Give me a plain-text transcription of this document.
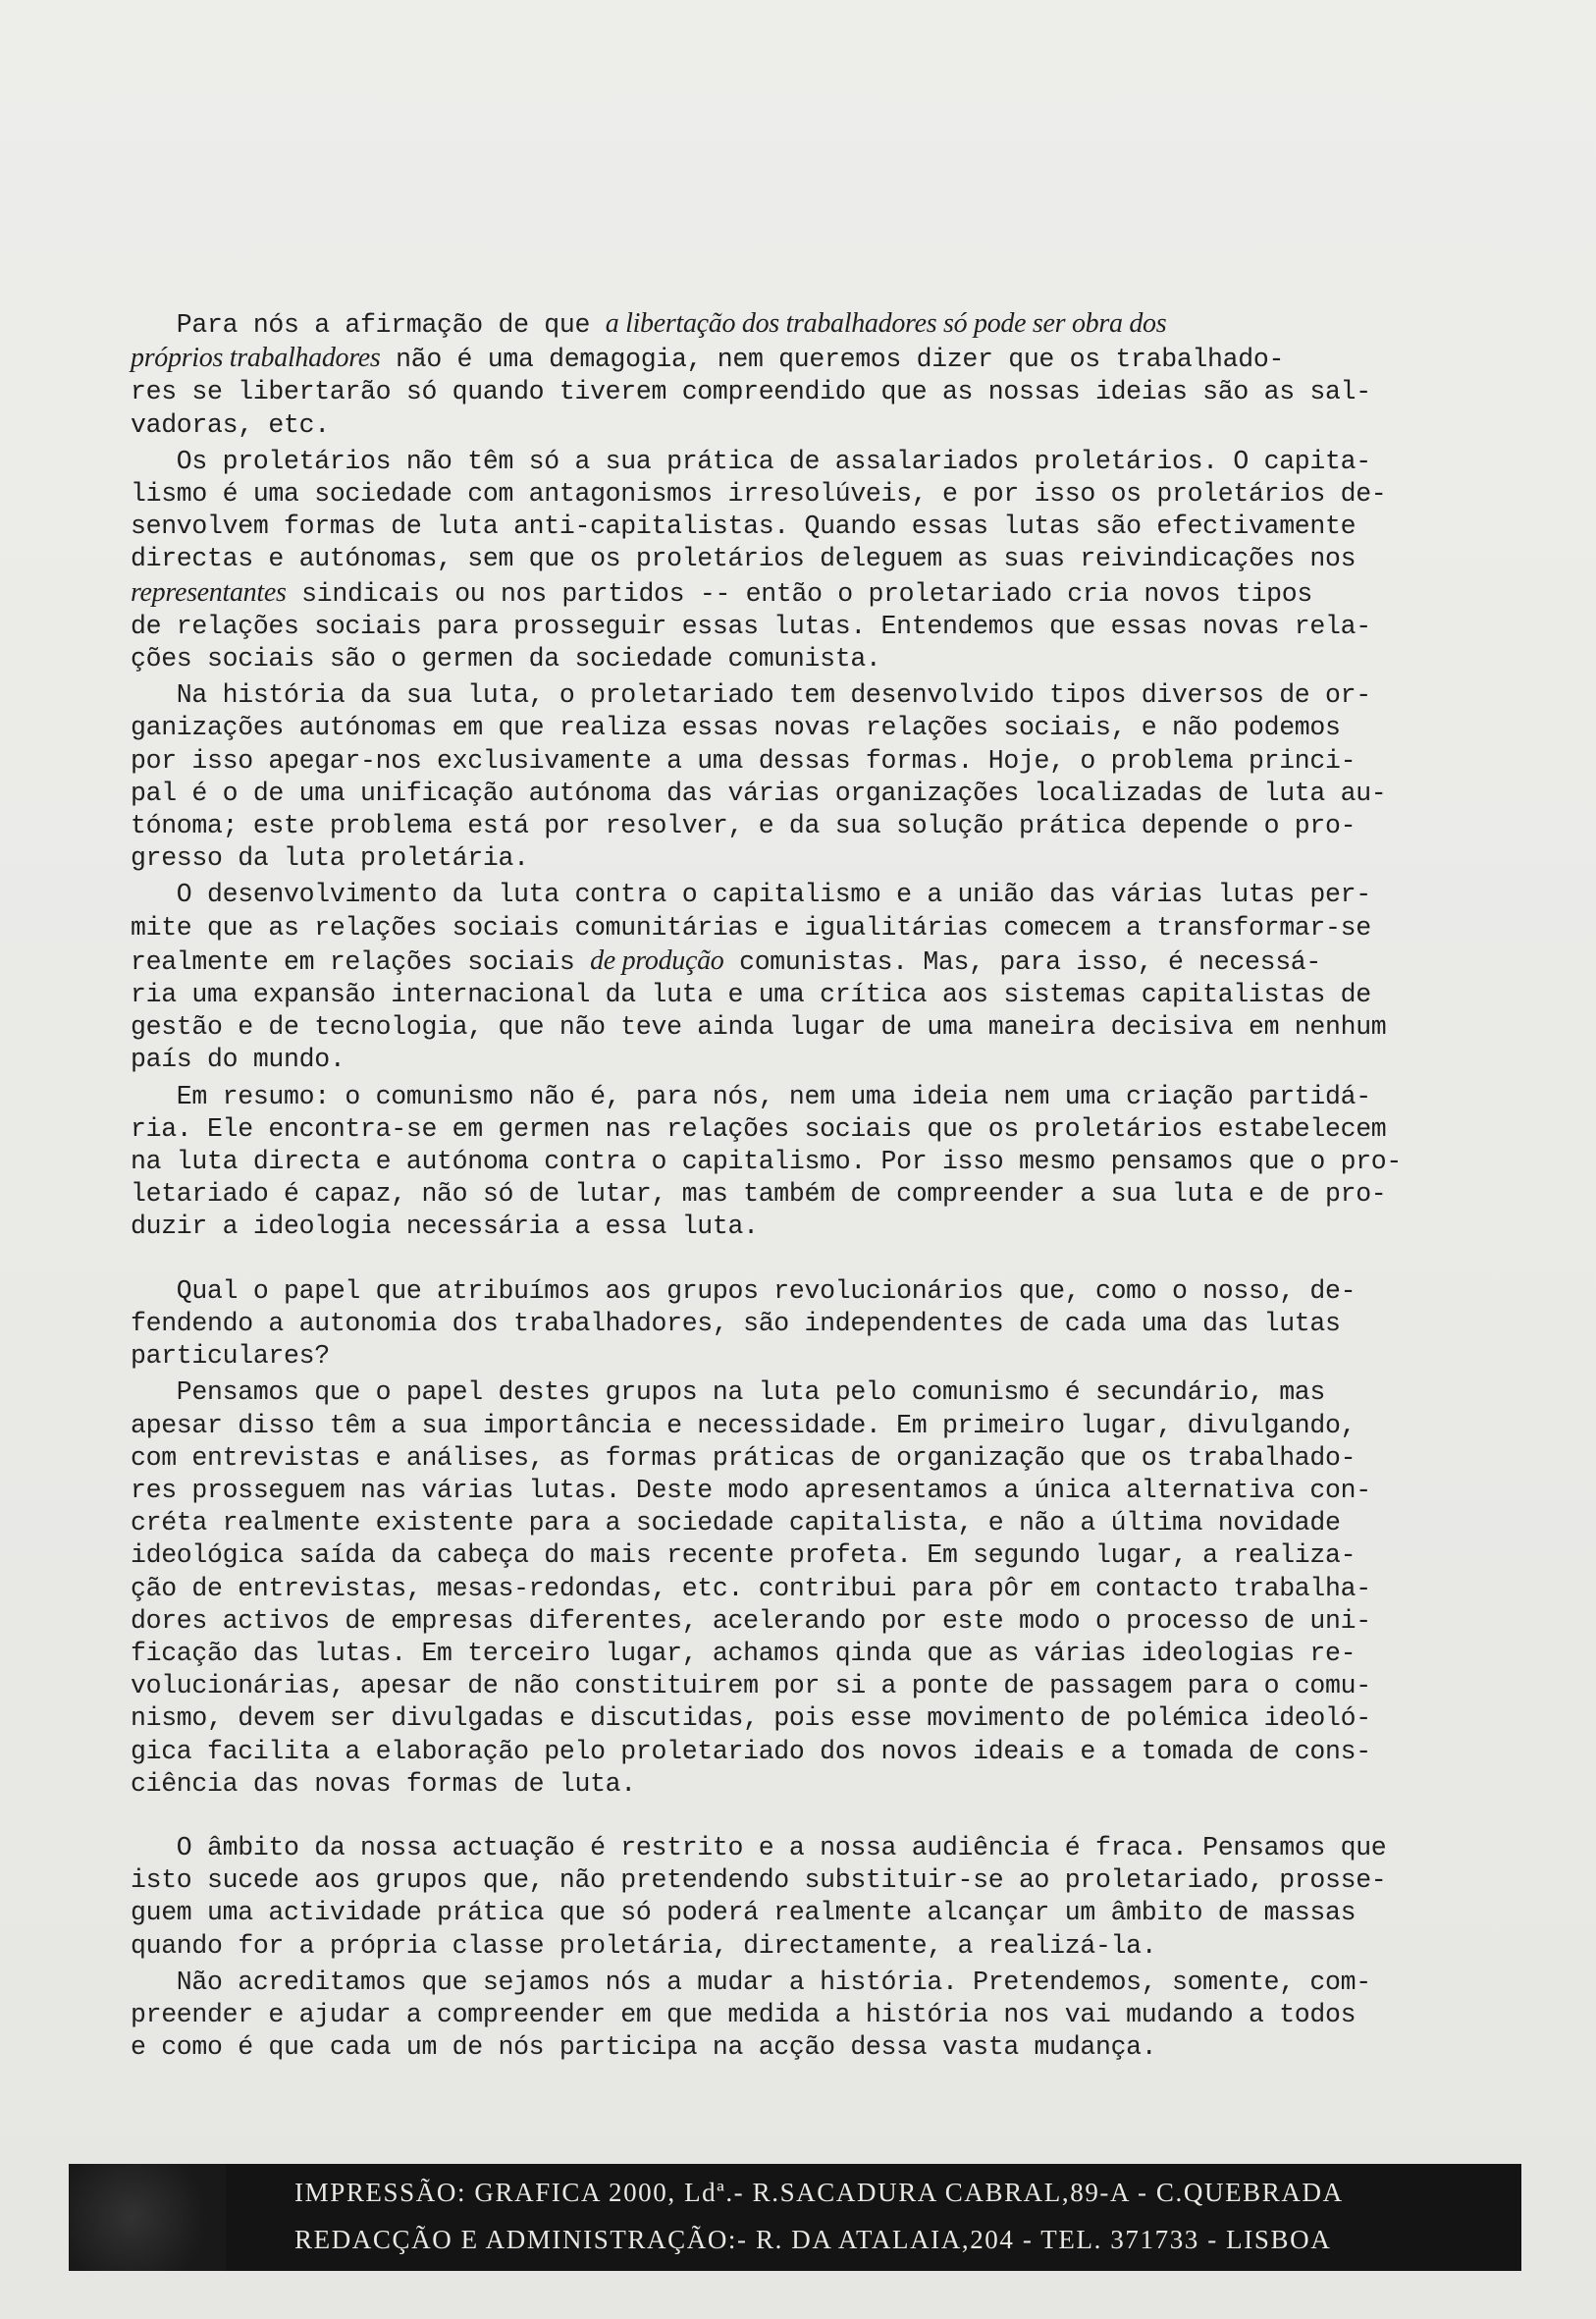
Para nós a afirmação de que a libertação dos trabalhadores só pode ser obra dos
próprios trabalhadores não é uma demagogia, nem queremos dizer que os trabalhado-
res se libertarão só quando tiverem compreendido que as nossas ideias são as sal-
vadoras, etc.

Os proletários não têm só a sua prática de assalariados proletários. O capita-
lismo é uma sociedade com antagonismos irresolúveis, e por isso os proletários de-
senvolvem formas de luta anti-capitalistas. Quando essas lutas são efectivamente
directas e autónomas, sem que os proletários deleguem as suas reivindicações nos
representantes sindicais ou nos partidos -- então o proletariado cria novos tipos
de relações sociais para prosseguir essas lutas. Entendemos que essas novas rela-
ções sociais são o germen da sociedade comunista.

Na história da sua luta, o proletariado tem desenvolvido tipos diversos de or-
ganizações autónomas em que realiza essas novas relações sociais, e não podemos
por isso apegar-nos exclusivamente a uma dessas formas. Hoje, o problema princi-
pal é o de uma unificação autónoma das várias organizações localizadas de luta au-
tónoma; este problema está por resolver, e da sua solução prática depende o pro-
gresso da luta proletária.

O desenvolvimento da luta contra o capitalismo e a união das várias lutas per-
mite que as relações sociais comunitárias e igualitárias comecem a transformar-se
realmente em relações sociais de produção comunistas. Mas, para isso, é necessá-
ria uma expansão internacional da luta e uma crítica aos sistemas capitalistas de
gestão e de tecnologia, que não teve ainda lugar de uma maneira decisiva em nenhum
país do mundo.

Em resumo: o comunismo não é, para nós, nem uma ideia nem uma criação partidá-
ria. Ele encontra-se em germen nas relações sociais que os proletários estabelecem
na luta directa e autónoma contra o capitalismo. Por isso mesmo pensamos que o pro-
letariado é capaz, não só de lutar, mas também de compreender a sua luta e de pro-
duzir a ideologia necessária a essa luta.

Qual o papel que atribuímos aos grupos revolucionários que, como o nosso, de-
fendendo a autonomia dos trabalhadores, são independentes de cada uma das lutas
particulares?

Pensamos que o papel destes grupos na luta pelo comunismo é secundário, mas
apesar disso têm a sua importância e necessidade. Em primeiro lugar, divulgando,
com entrevistas e análises, as formas práticas de organização que os trabalhado-
res prosseguem nas várias lutas. Deste modo apresentamos a única alternativa con-
créta realmente existente para a sociedade capitalista, e não a última novidade
ideológica saída da cabeça do mais recente profeta. Em segundo lugar, a realiza-
ção de entrevistas, mesas-redondas, etc. contribui para pôr em contacto trabalha-
dores activos de empresas diferentes, acelerando por este modo o processo de uni-
ficação das lutas. Em terceiro lugar, achamos qinda que as várias ideologias re-
volucionárias, apesar de não constituirem por si a ponte de passagem para o comu-
nismo, devem ser divulgadas e discutidas, pois esse movimento de polémica ideoló-
gica facilita a elaboração pelo proletariado dos novos ideais e a tomada de cons-
ciência das novas formas de luta.

O âmbito da nossa actuação é restrito e a nossa audiência é fraca. Pensamos que
isto sucede aos grupos que, não pretendendo substituir-se ao proletariado, prosse-
guem uma actividade prática que só poderá realmente alcançar um âmbito de massas
quando for a própria classe proletária, directamente, a realizá-la.

Não acreditamos que sejamos nós a mudar a história. Pretendemos, somente, com-
preender e ajudar a compreender em que medida a história nos vai mudando a todos
e como é que cada um de nós participa na acção dessa vasta mudança.

IMPRESSÃO: GRAFICA 2000, Ldª.- R.SACADURA CABRAL,89-A - C.QUEBRADA
REDACÇÃO E ADMINISTRAÇÃO:- R. DA ATALAIA,204 - TEL. 371733 - LISBOA
